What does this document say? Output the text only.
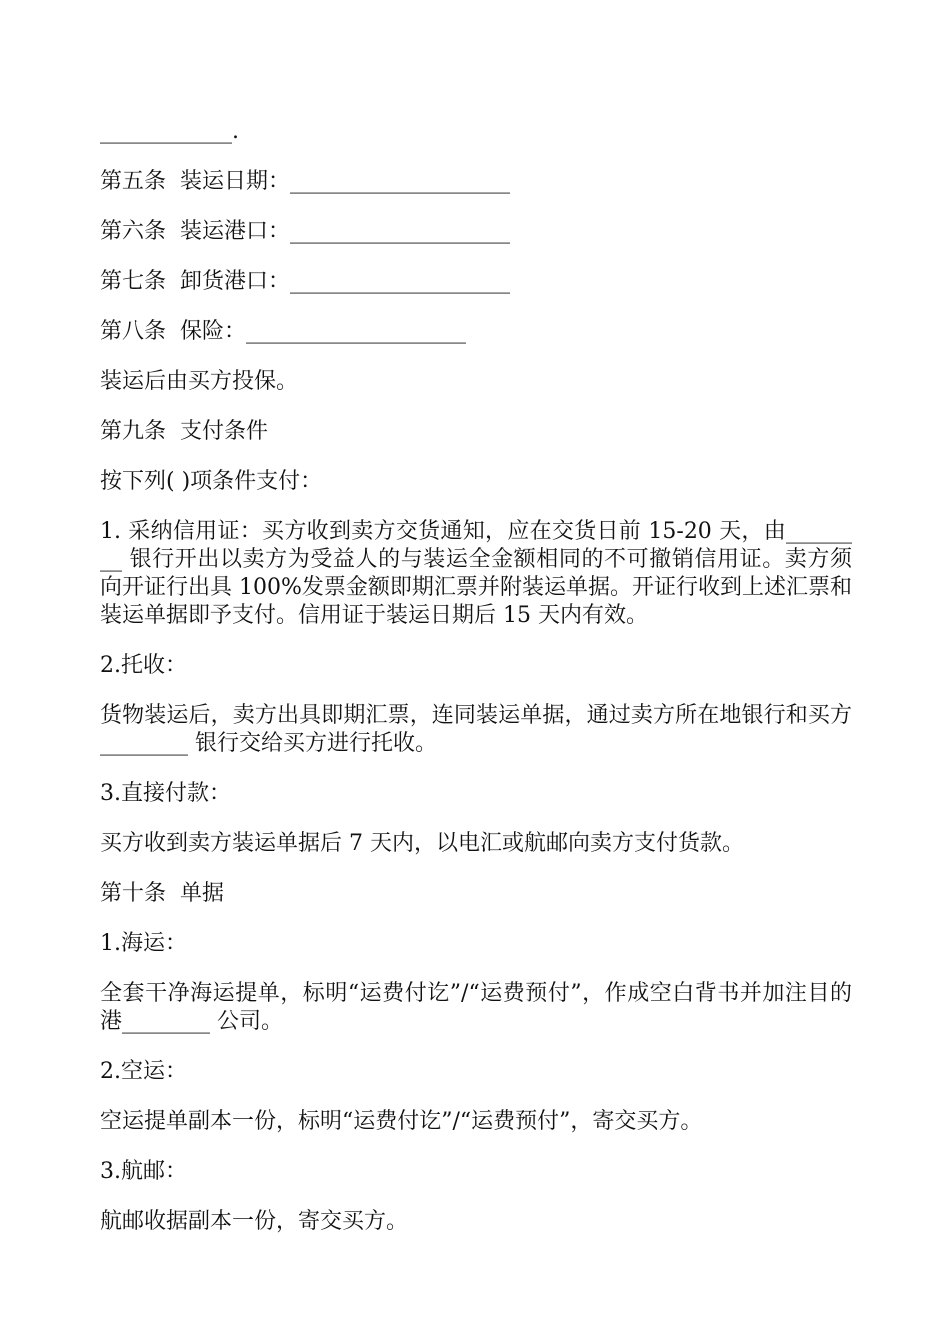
____________.

第五条  装运日期：____________________

第六条  装运港口：____________________

第七条  卸货港口：____________________

第八条  保险：____________________

装运后由买方投保。

第九条  支付条件

按下列( )项条件支付：

1. 采纳信用证：买方收到卖方交货通知，应在交货日前 15-20 天，由________ 银行开出以卖方为受益人的与装运全金额相同的不可撤销信用证。卖方须向开证行出具 100%发票金额即期汇票并附装运单据。开证行收到上述汇票和装运单据即予支付。信用证于装运日期后 15 天内有效。

2.托收：

货物装运后，卖方出具即期汇票，连同装运单据，通过卖方所在地银行和买方________ 银行交给买方进行托收。

3.直接付款：

买方收到卖方装运单据后 7 天内，以电汇或航邮向卖方支付货款。

第十条  单据

1.海运：

全套干净海运提单，标明“运费付讫”/“运费预付”，作成空白背书并加注目的港________ 公司。

2.空运：

空运提单副本一份，标明“运费付讫”/“运费预付”，寄交买方。

3.航邮：

航邮收据副本一份，寄交买方。
